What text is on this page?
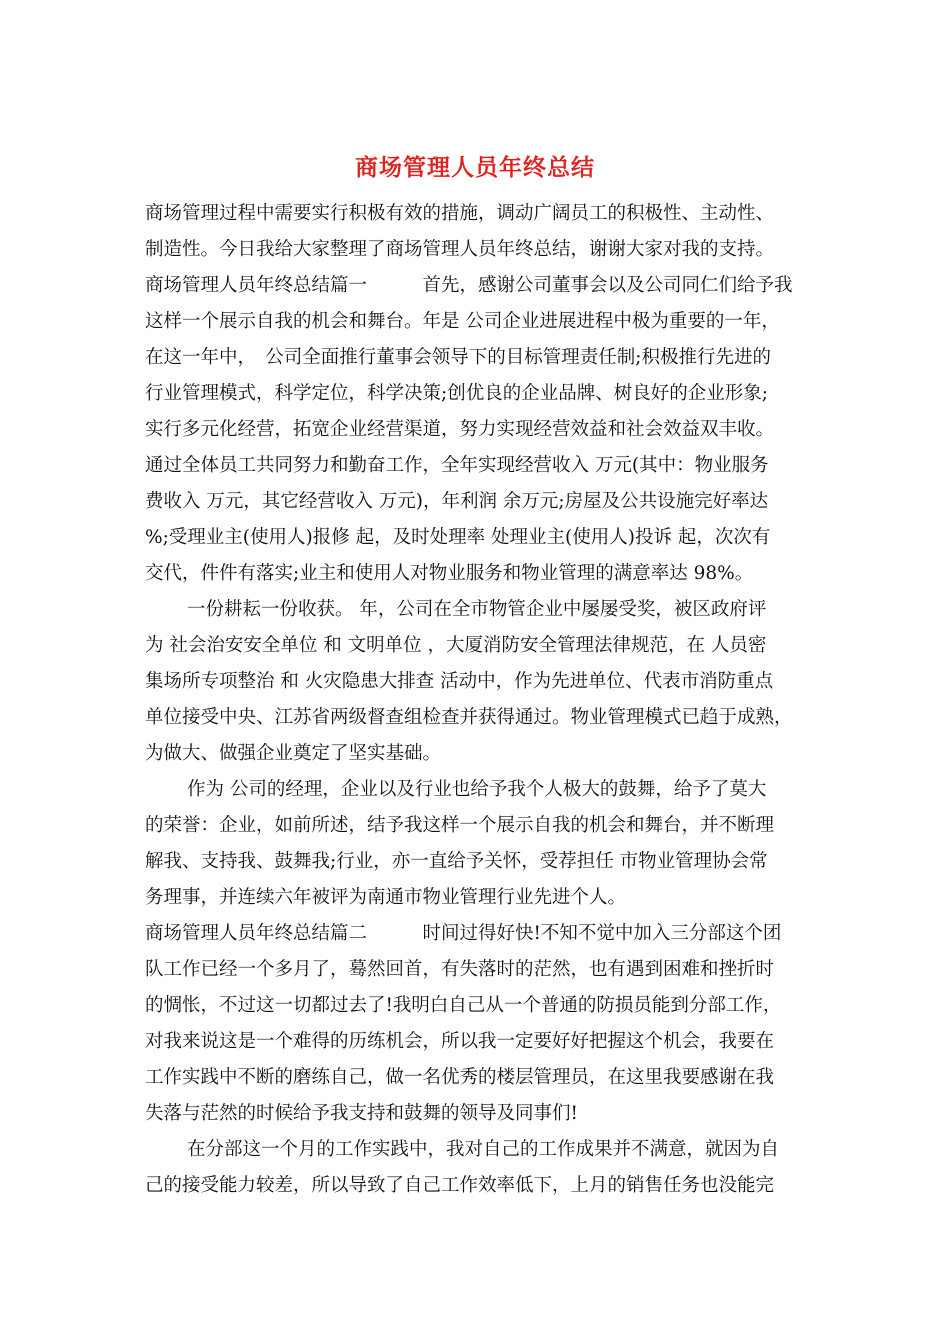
商场管理人员年终总结
商场管理过程中需要实行积极有效的措施，调动广阔员工的积极性、主动性、
制造性。今日我给大家整理了商场管理人员年终总结，谢谢大家对我的支持。
商场管理人员年终总结篇一　　　首先，感谢公司董事会以及公司同仁们给予我
这样一个展示自我的机会和舞台。年是 公司企业进展进程中极为重要的一年，
在这一年中，　公司全面推行董事会领导下的目标管理责任制;积极推行先进的
行业管理模式，科学定位，科学决策;创优良的企业品牌、树良好的企业形象;
实行多元化经营，拓宽企业经营渠道，努力实现经营效益和社会效益双丰收。
通过全体员工共同努力和勤奋工作，全年实现经营收入 万元(其中：物业服务
费收入 万元，其它经营收入 万元)，年利润 余万元;房屋及公共设施完好率达
%;受理业主(使用人)报修 起，及时处理率 处理业主(使用人)投诉 起，次次有
交代，件件有落实;业主和使用人对物业服务和物业管理的满意率达 98%。
一份耕耘一份收获。 年，公司在全市物管企业中屡屡受奖，被区政府评
为 社会治安安全单位 和 文明单位 ，大厦消防安全管理法律规范，在 人员密
集场所专项整治 和 火灾隐患大排查 活动中，作为先进单位、代表市消防重点
单位接受中央、江苏省两级督查组检查并获得通过。物业管理模式已趋于成熟，
为做大、做强企业奠定了坚实基础。
作为 公司的经理，企业以及行业也给予我个人极大的鼓舞，给予了莫大
的荣誉：企业，如前所述，结予我这样一个展示自我的机会和舞台，并不断理
解我、支持我、鼓舞我;行业，亦一直给予关怀，受荐担任 市物业管理协会常
务理事，并连续六年被评为南通市物业管理行业先进个人。
商场管理人员年终总结篇二　　　时间过得好快!不知不觉中加入三分部这个团
队工作已经一个多月了，蓦然回首，有失落时的茫然，也有遇到困难和挫折时
的惆怅，不过这一切都过去了!我明白自己从一个普通的防损员能到分部工作，
对我来说这是一个难得的历练机会，所以我一定要好好把握这个机会，我要在
工作实践中不断的磨练自己，做一名优秀的楼层管理员，在这里我要感谢在我
失落与茫然的时候给予我支持和鼓舞的领导及同事们!
在分部这一个月的工作实践中，我对自己的工作成果并不满意，就因为自
己的接受能力较差，所以导致了自己工作效率低下，上月的销售任务也没能完
